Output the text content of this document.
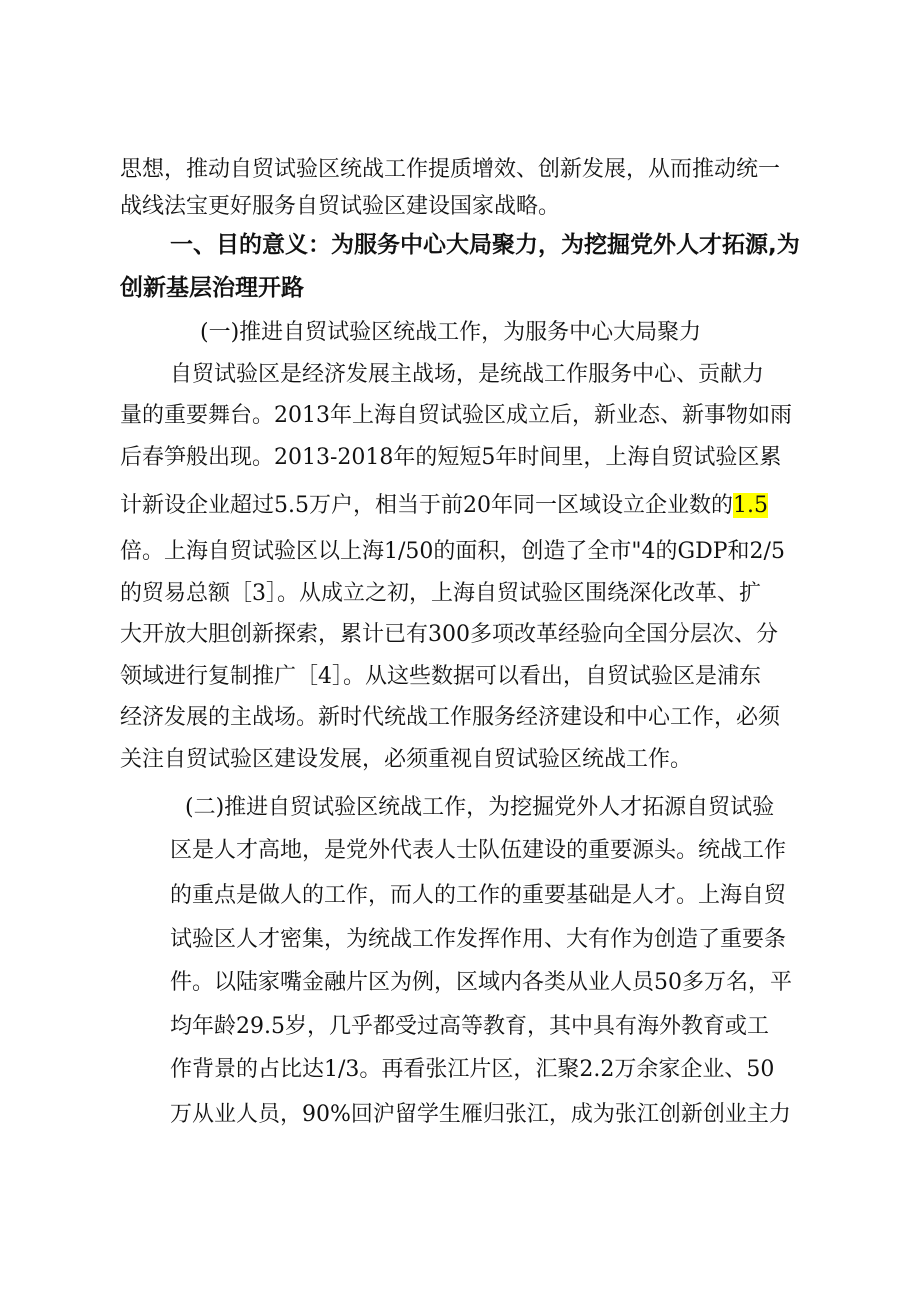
思想，推动自贸试验区统战工作提质增效、创新发展，从而推动统一
战线法宝更好服务自贸试验区建设国家战略。
一、目的意义：为服务中心大局聚力，为挖掘党外人才拓源,为
创新基层治理开路
(一)推进自贸试验区统战工作，为服务中心大局聚力
自贸试验区是经济发展主战场，是统战工作服务中心、贡献力
量的重要舞台。2013年上海自贸试验区成立后，新业态、新事物如雨
后春笋般出现。2013-2018年的短短5年时间里，上海自贸试验区累
计新设企业超过5.5万户，相当于前20年同一区域设立企业数的1.5
倍。上海自贸试验区以上海1/50的面积，创造了全市"4的GDP和2/5
的贸易总额［3］。从成立之初，上海自贸试验区围绕深化改革、扩
大开放大胆创新探索，累计已有300多项改革经验向全国分层次、分
领域进行复制推广［4］。从这些数据可以看出，自贸试验区是浦东
经济发展的主战场。新时代统战工作服务经济建设和中心工作，必须
关注自贸试验区建设发展，必须重视自贸试验区统战工作。
(二)推进自贸试验区统战工作，为挖掘党外人才拓源自贸试验
区是人才高地，是党外代表人士队伍建设的重要源头。统战工作
的重点是做人的工作，而人的工作的重要基础是人才。上海自贸
试验区人才密集，为统战工作发挥作用、大有作为创造了重要条
件。以陆家嘴金融片区为例，区域内各类从业人员50多万名，平
均年龄29.5岁，几乎都受过高等教育，其中具有海外教育或工
作背景的占比达1/3。再看张江片区，汇聚2.2万余家企业、50
万从业人员，90%回沪留学生雁归张江，成为张江创新创业主力
